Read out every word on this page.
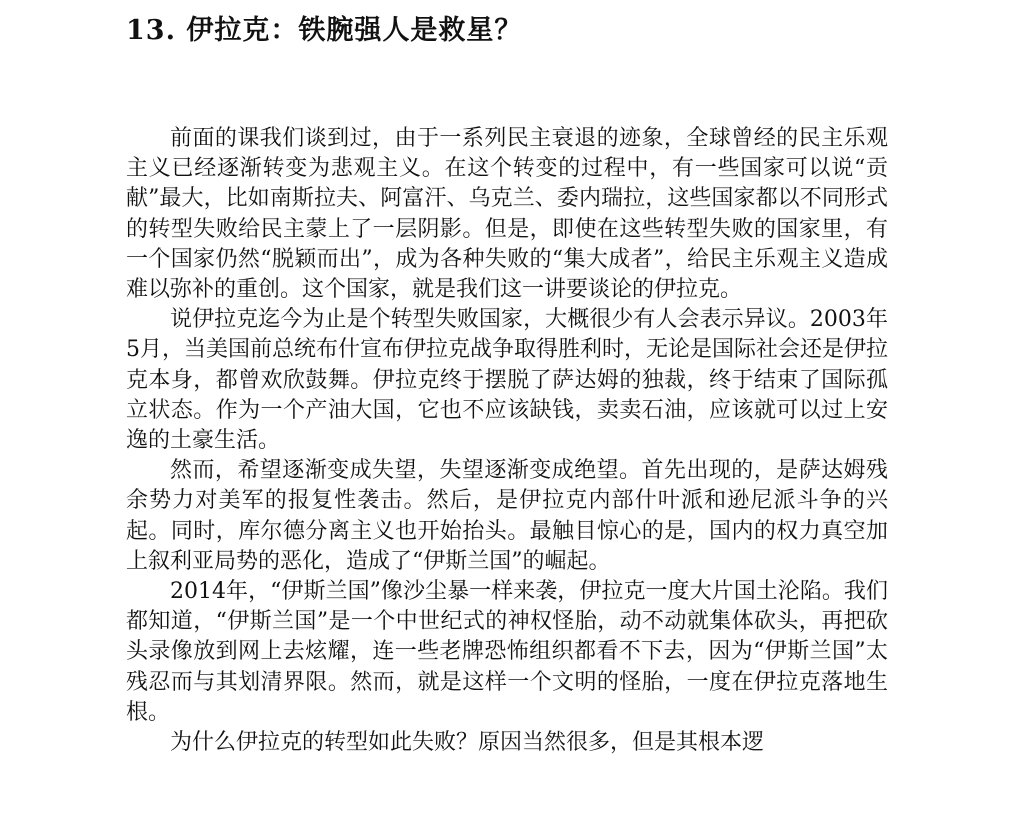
13. 伊拉克：铁腕强人是救星？

前面的课我们谈到过，由于一系列民主衰退的迹象，全球曾经的民主乐观主义已经逐渐转变为悲观主义。在这个转变的过程中，有一些国家可以说“贡献”最大，比如南斯拉夫、阿富汗、乌克兰、委内瑞拉，这些国家都以不同形式的转型失败给民主蒙上了一层阴影。但是，即使在这些转型失败的国家里，有一个国家仍然“脱颖而出”，成为各种失败的“集大成者”，给民主乐观主义造成难以弥补的重创。这个国家，就是我们这一讲要谈论的伊拉克。

说伊拉克迄今为止是个转型失败国家，大概很少有人会表示异议。2003年5月，当美国前总统布什宣布伊拉克战争取得胜利时，无论是国际社会还是伊拉克本身，都曾欢欣鼓舞。伊拉克终于摆脱了萨达姆的独裁，终于结束了国际孤立状态。作为一个产油大国，它也不应该缺钱，卖卖石油，应该就可以过上安逸的土豪生活。

然而，希望逐渐变成失望，失望逐渐变成绝望。首先出现的，是萨达姆残余势力对美军的报复性袭击。然后，是伊拉克内部什叶派和逊尼派斗争的兴起。同时，库尔德分离主义也开始抬头。最触目惊心的是，国内的权力真空加上叙利亚局势的恶化，造成了“伊斯兰国”的崛起。

2014年，“伊斯兰国”像沙尘暴一样来袭，伊拉克一度大片国土沦陷。我们都知道，“伊斯兰国”是一个中世纪式的神权怪胎，动不动就集体砍头，再把砍头录像放到网上去炫耀，连一些老牌恐怖组织都看不下去，因为“伊斯兰国”太残忍而与其划清界限。然而，就是这样一个文明的怪胎，一度在伊拉克落地生根。

为什么伊拉克的转型如此失败？原因当然很多，但是其根本逻
